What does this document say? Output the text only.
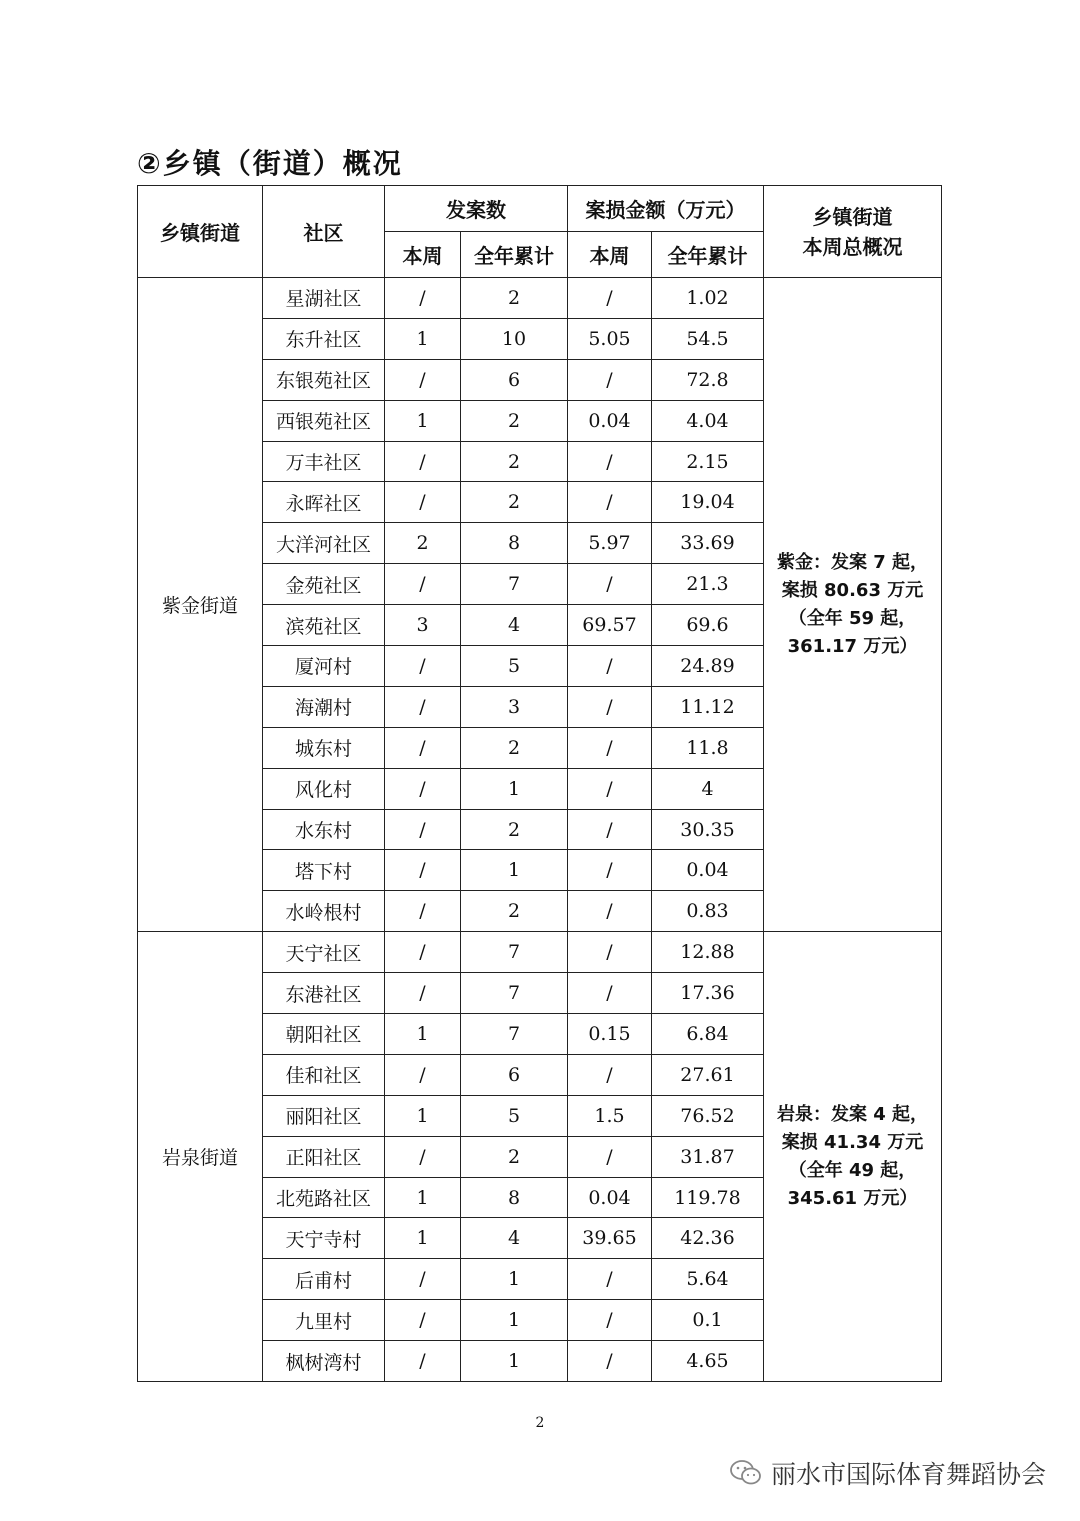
②乡镇（街道）概况
乡镇街道	社区	发案数		案损金额（万元）		乡镇街道
本周总概况

		本周	全年累计	本周	全年累计	
紫金街道	星湖社区	/	2	/	1.02	紫金：发案 7 起，
案损 80.63 万元
（全年 59 起，
361.17 万元）

	东升社区	1	10	5.05	54.5	
	东银苑社区	/	6	/	72.8	
	西银苑社区	1	2	0.04	4.04	
	万丰社区	/	2	/	2.15	
	永晖社区	/	2	/	19.04	
	大洋河社区	2	8	5.97	33.69	
	金苑社区	/	7	/	21.3	
	滨苑社区	3	4	69.57	69.6	
	厦河村	/	5	/	24.89	
	海潮村	/	3	/	11.12	
	城东村	/	2	/	11.8	
	风化村	/	1	/	4	
	水东村	/	2	/	30.35	
	塔下村	/	1	/	0.04	
	水岭根村	/	2	/	0.83	
岩泉街道	天宁社区	/	7	/	12.88	岩泉：发案 4 起，
案损 41.34 万元
（全年 49 起，
345.61 万元）

	东港社区	/	7	/	17.36	
	朝阳社区	1	7	0.15	6.84	
	佳和社区	/	6	/	27.61	
	丽阳社区	1	5	1.5	76.52	
	正阳社区	/	2	/	31.87	
	北苑路社区	1	8	0.04	119.78	
	天宁寺村	1	4	39.65	42.36	
	后甫村	/	1	/	5.64	
	九里村	/	1	/	0.1	
	枫树湾村	/	1	/	4.65	
2
丽水市国际体育舞蹈协会
